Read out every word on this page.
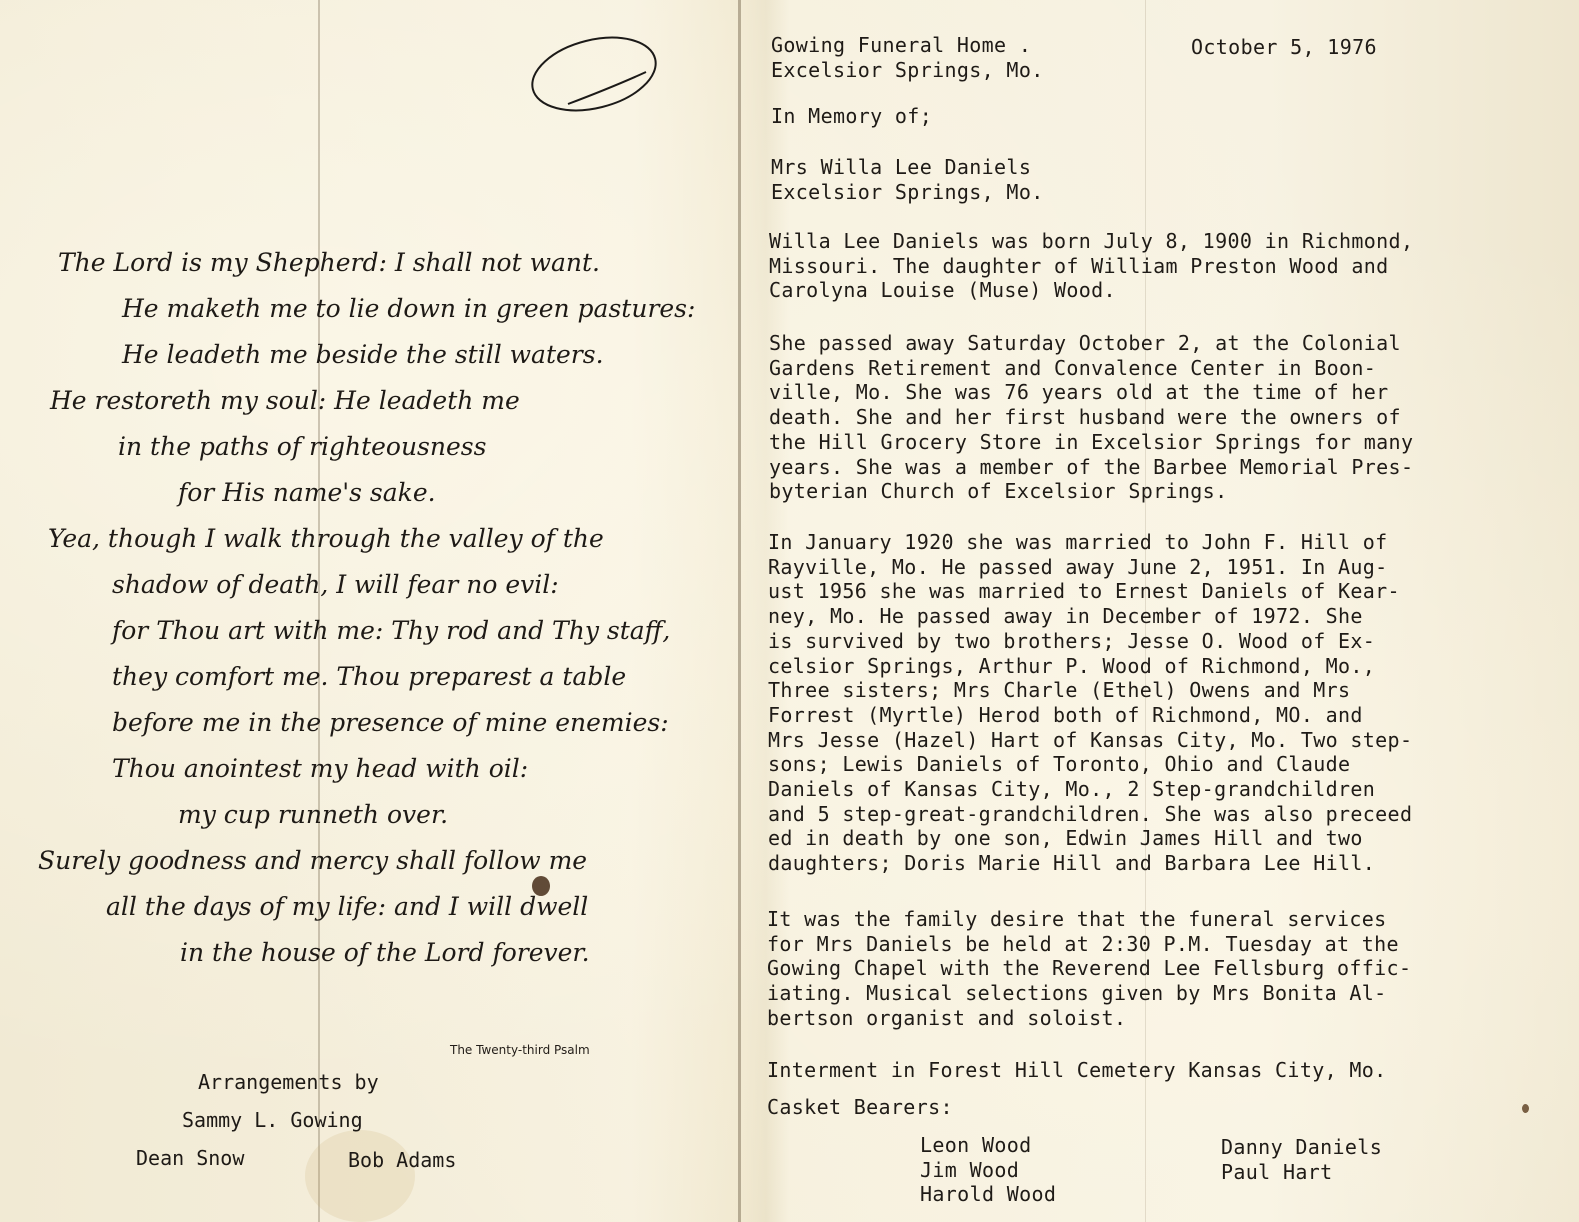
The Lord is my Shepherd: I shall not want.
He maketh me to lie down in green pastures:
He leadeth me beside the still waters.
He restoreth my soul: He leadeth me
in the paths of righteousness
for His name's sake.
Yea, though I walk through the valley of the
shadow of death, I will fear no evil:
for Thou art with me: Thy rod and Thy staff,
they comfort me. Thou preparest a table
before me in the presence of mine enemies:
Thou anointest my head with oil:
my cup runneth over.
Surely goodness and mercy shall follow me
all the days of my life: and I will dwell
in the house of the Lord forever.
The Twenty-third Psalm
Arrangements by
Sammy L. Gowing
Dean Snow	Bob Adams
Gowing Funeral Home .
Excelsior Springs, Mo.
October 5, 1976
In Memory of;
Mrs Willa Lee Daniels
Excelsior Springs, Mo.
Willa Lee Daniels was born July 8, 1900 in Richmond,
Missouri. The daughter of William Preston Wood and
Carolyna Louise (Muse) Wood.
She passed away Saturday October 2, at the Colonial
Gardens Retirement and Convalence Center in Boon-
ville, Mo. She was 76 years old at the time of her
death. She and her first husband were the owners of
the Hill Grocery Store in Excelsior Springs for many
years. She was a member of the Barbee Memorial Pres-
byterian Church of Excelsior Springs.
In January 1920 she was married to John F. Hill of
Rayville, Mo. He passed away June 2, 1951. In Aug-
ust 1956 she was married to Ernest Daniels of Kear-
ney, Mo. He passed away in December of 1972. She
is survived by two brothers; Jesse O. Wood of Ex-
celsior Springs, Arthur P. Wood of Richmond, Mo.,
Three sisters; Mrs Charle (Ethel) Owens and Mrs
Forrest (Myrtle) Herod both of Richmond, MO. and
Mrs Jesse (Hazel) Hart of Kansas City, Mo. Two step-
sons; Lewis Daniels of Toronto, Ohio and Claude
Daniels of Kansas City, Mo., 2 Step-grandchildren
and 5 step-great-grandchildren. She was also preceed
ed in death by one son, Edwin James Hill and two
daughters; Doris Marie Hill and Barbara Lee Hill.
It was the family desire that the funeral services
for Mrs Daniels be held at 2:30 P.M. Tuesday at the
Gowing Chapel with the Reverend Lee Fellsburg offic-
iating. Musical selections given by Mrs Bonita Al-
bertson organist and soloist.
Interment in Forest Hill Cemetery Kansas City, Mo.
Casket Bearers:
Leon Wood
Jim Wood
Harold Wood
Danny Daniels
Paul Hart
